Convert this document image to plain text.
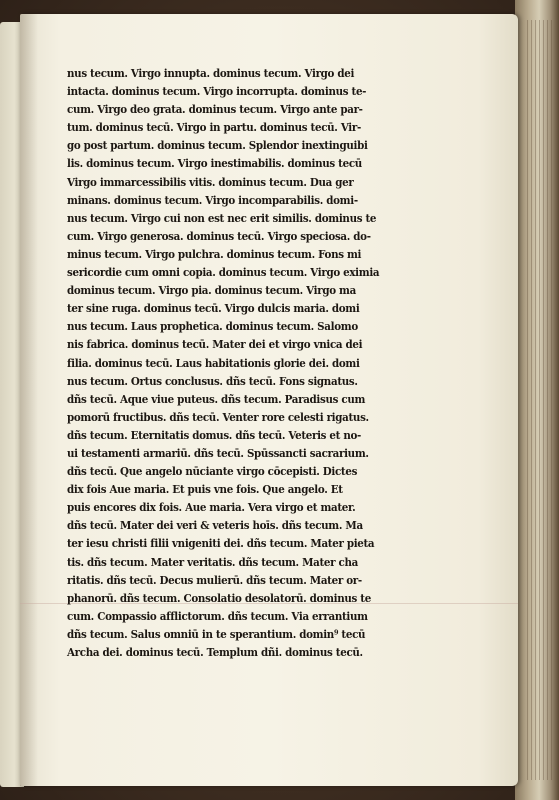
nus tecum. Virgo innupta. dominus tecum. Virgo dei
intacta. dominus tecum. Virgo incorrupta. dominus te-
cum. Virgo deo grata. dominus tecum. Virgo ante par-
tum. dominus tecū. Virgo in partu. dominus tecū. Vir-
go post partum. dominus tecum. Splendor inextinguibi
lis. dominus tecum. Virgo inestimabilis. dominus tecū
Virgo immarcessibilis vitis. dominus tecum. Dua ger
minans. dominus tecum. Virgo incomparabilis. domi-
nus tecum. Virgo cui non est nec erit similis. dominus te
cum. Virgo generosa. dominus tecū. Virgo speciosa. do-
minus tecum. Virgo pulchra. dominus tecum. Fons mi
sericordie cum omni copia. dominus tecum. Virgo eximia
dominus tecum. Virgo pia. dominus tecum. Virgo ma
ter sine ruga. dominus tecū. Virgo dulcis maria. domi
nus tecum. Laus prophetica. dominus tecum. Salomo
nis fabrica. dominus tecū. Mater dei et virgo vnica dei
filia. dominus tecū. Laus habitationis glorie dei. domi
nus tecum. Ortus conclusus. dñs tecū. Fons signatus.
dñs tecū. Aque viue puteus. dñs tecum. Paradisus cum
pomorū fructibus. dñs tecū. Venter rore celesti rigatus.
dñs tecum. Eternitatis domus. dñs tecū. Veteris et no-
ui testamenti armariū. dñs tecū. Spūssancti sacrarium.
dñs tecū. Que angelo nūciante virgo cōcepisti. Dictes
dix fois Aue maria. Et puis vne fois. Que angelo. Et
puis encores dix fois. Aue maria. Vera virgo et mater.
dñs tecū. Mater dei veri & veteris hoīs. dñs tecum. Ma
ter iesu christi filii vnigeniti dei. dñs tecum. Mater pieta
tis. dñs tecum. Mater veritatis. dñs tecum. Mater cha
ritatis. dñs tecū. Decus mulierū. dñs tecum. Mater or-
phanorū. dñs tecum. Consolatio desolatorū. dominus te
cum. Compassio afflictorum. dñs tecum. Via errantium
dñs tecum. Salus omniū in te sperantium. domin⁹ tecū
Archa dei. dominus tecū. Templum dñi. dominus tecū.
